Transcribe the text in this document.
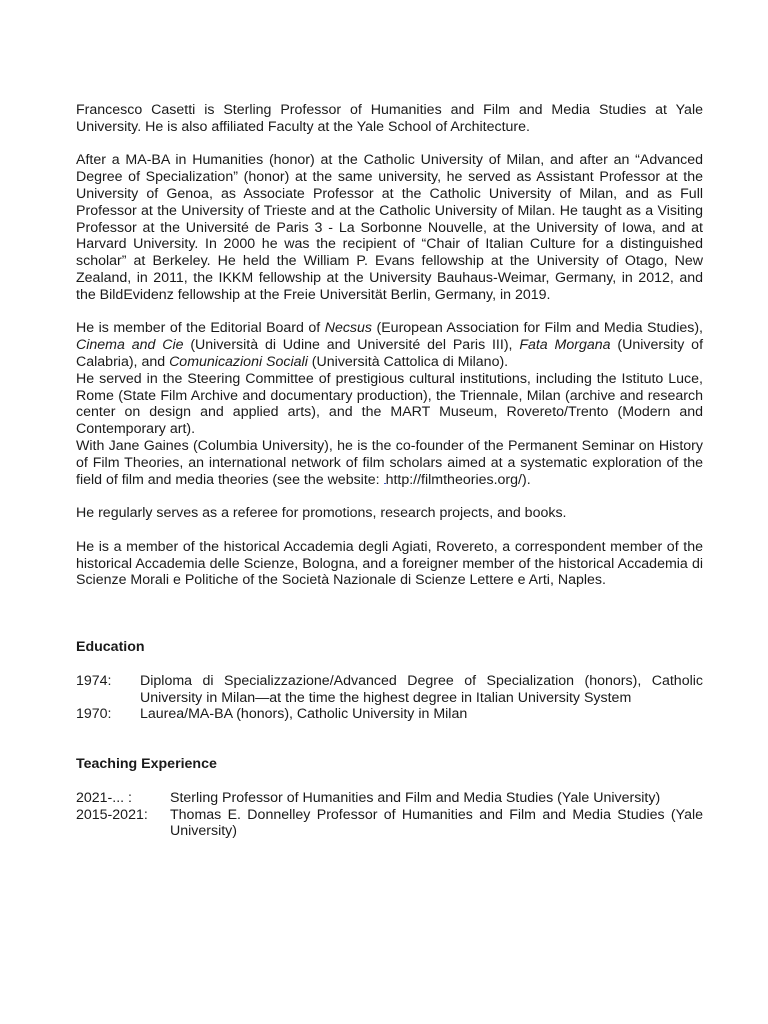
Francesco Casetti is Sterling Professor of Humanities and Film and Media Studies at Yale University. He is also affiliated Faculty at the Yale School of Architecture.

After a MA-BA in Humanities (honor) at the Catholic University of Milan, and after an “Advanced Degree of Specialization” (honor) at the same university, he served as Assistant Professor at the University of Genoa, as Associate Professor at the Catholic University of Milan, and as Full Professor at the University of Trieste and at the Catholic University of Milan. He taught as a Visiting Professor at the Université de Paris 3 - La Sorbonne Nouvelle, at the University of Iowa, and at Harvard University. In 2000 he was the recipient of “Chair of Italian Culture for a distinguished scholar” at Berkeley. He held the William P. Evans fellowship at the University of Otago, New Zealand, in 2011, the IKKM fellowship at the University Bauhaus-Weimar, Germany, in 2012, and the BildEvidenz fellowship at the Freie Universität Berlin, Germany, in 2019.

He is member of the Editorial Board of Necsus (European Association for Film and Media Studies), Cinema and Cie (Università di Udine and Université del Paris III), Fata Morgana (University of Calabria), and Comunicazioni Sociali (Università Cattolica di Milano).

He served in the Steering Committee of prestigious cultural institutions, including the Istituto Luce, Rome (State Film Archive and documentary production), the Triennale, Milan (archive and research center on design and applied arts), and the MART Museum, Rovereto/Trento (Modern and Contemporary art).

With Jane Gaines (Columbia University), he is the co-founder of the Permanent Seminar on History of Film Theories, an international network of film scholars aimed at a systematic exploration of the field of film and media theories (see the website: http://filmtheories.org/).

He regularly serves as a referee for promotions, research projects, and books.

He is a member of the historical Accademia degli Agiati, Rovereto, a correspondent member of the historical Accademia delle Scienze, Bologna, and a foreigner member of the historical Accademia di Scienze Morali e Politiche of the Società Nazionale di Scienze Lettere e Arti, Naples.

Education

1974:	Diploma di Specializzazione/Advanced Degree of Specialization (honors), Catholic University in Milan—at the time the highest degree in Italian University System
1970:	Laurea/MA-BA (honors), Catholic University in Milan

Teaching Experience

2021-... :	Sterling Professor of Humanities and Film and Media Studies (Yale University)
2015-2021:	Thomas E. Donnelley Professor of Humanities and Film and Media Studies (Yale University)
